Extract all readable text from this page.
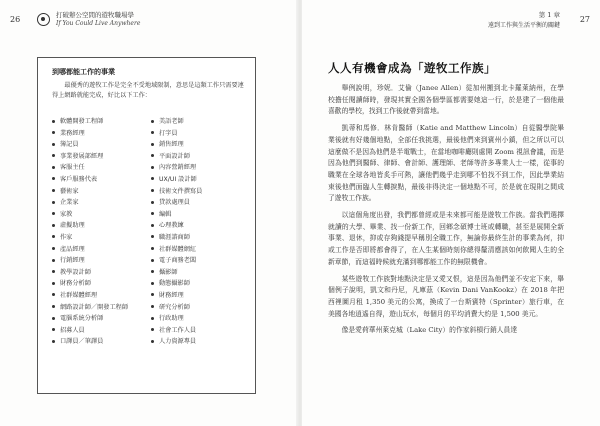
26	打破辦公空間的遊牧職場學
If You Could Live Anywhere
到哪都能工作的事業
最優秀的遊牧工作是完全不受地域限制，意思是這類工作只需要連得上網路就能完成，好比以下工作：
軟體開發工程師
業務經理
簿記員
事業發展部經理
客服主任
客戶服務代表
藝術家
企業家
家教
虛擬助理
作家
產品經理
行銷經理
教學設計師
財務分析師
社群媒體經理
網路設計師／開發工程師
電腦系統分析師
招募人員
口譯員／筆譯員
美語老師
打字員
銷售經理
平面設計師
內容營銷經理
UX/UI 設計師
技術文件撰寫員
貸款處理員
編輯
心理教練
職涯諮商師
社群媒體網紅
電子商務老闆
攝影師
動態攝影師
財務經理
研究分析師
行政助理
社會工作人員
人力資源專員
第 1 章
遠到工作與生活平衡的關鍵
27
人人有機會成為「遊牧工作族」

舉例說明，珍妮．艾倫（Janee Allen）從加州搬到北卡羅萊納州，在學校擔任閱讀師時，發現其實全國各個學區都需要她這一行，於是建了一個他最喜歡的學校，找到工作後就帶到當地。

凱蒂和馬修．林肯醫師（Katie and Matthew Lincoln）自從醫學院畢業後就有好幾個地點，全部任我挑選，最後他們來到賓州小鎮，但之所以可以這麼做不是因為他們是半電戰士，在當地咖啡廳則處開 Zoom 視訊會議，而是因為他們到醫師、律師、會計師、護理師、老師等許多專業人士一樣，從事的職業在全球各地皆炙手可熱，讓他們幾乎走到哪不怕找不到工作，因此學業結束後他們面臨人生轉捩點，最後非得決定一個地點不可，於是就在現則之間成了遊牧工作族。

以這個角度出發，我們都曾經或是未來都可能是遊牧工作族。當我們選擇就讀的大學、畢業、找一份新工作，回鄉念碩博士班或轉職，甚至是展開全新事業、退休，抑或存夠錢提早稱別全職工作，無論你最終生計的事業為何，抑或工作是否即將都會得了，在人生某個時刻你總得釐清應該如何飲聞人生的全新章節，而這福時候就充滿到哪都能工作的無限機會。

某些遊牧工作族對地點決定是又愛又恨，這是因為他們並不安定下來，舉個例子說明，凱文和丹尼，凡庫茲（Kevin Dani VanKookz）在 2018 年把西裡圖月租 1,350 美元的公寓，換成了一台斯賓特（Sprinter）旅行車，在美國各地逍遙自得，遊山玩水，每個月的平均消費大約是 1,500 美元。

像是愛荷華州萊克城（Lake City）的作家斜槓行銷人員達
